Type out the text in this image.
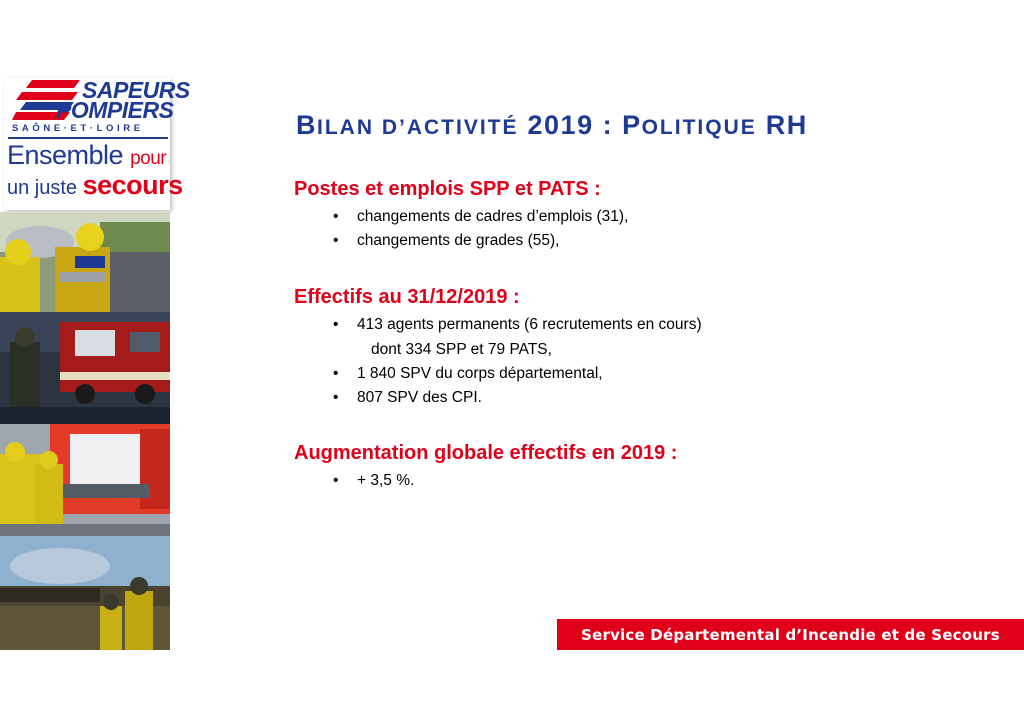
SAPEURS
POMPIERS
SAÔNE·ET·LOIRE
Ensemble pour
un juste secours
BILAN D’ACTIVITÉ 2019 : POLITIQUE RH
Postes et emplois SPP et PATS :
• changements de cadres d’emplois (31),
• changements de grades (55),
Effectifs au 31/12/2019 :
• 413 agents permanents (6 recrutements en cours)
dont 334 SPP et 79 PATS,
• 1 840 SPV du corps départemental,
• 807 SPV des CPI.
Augmentation globale effectifs en 2019 :
• + 3,5 %.
Service Départemental d’Incendie et de Secours
